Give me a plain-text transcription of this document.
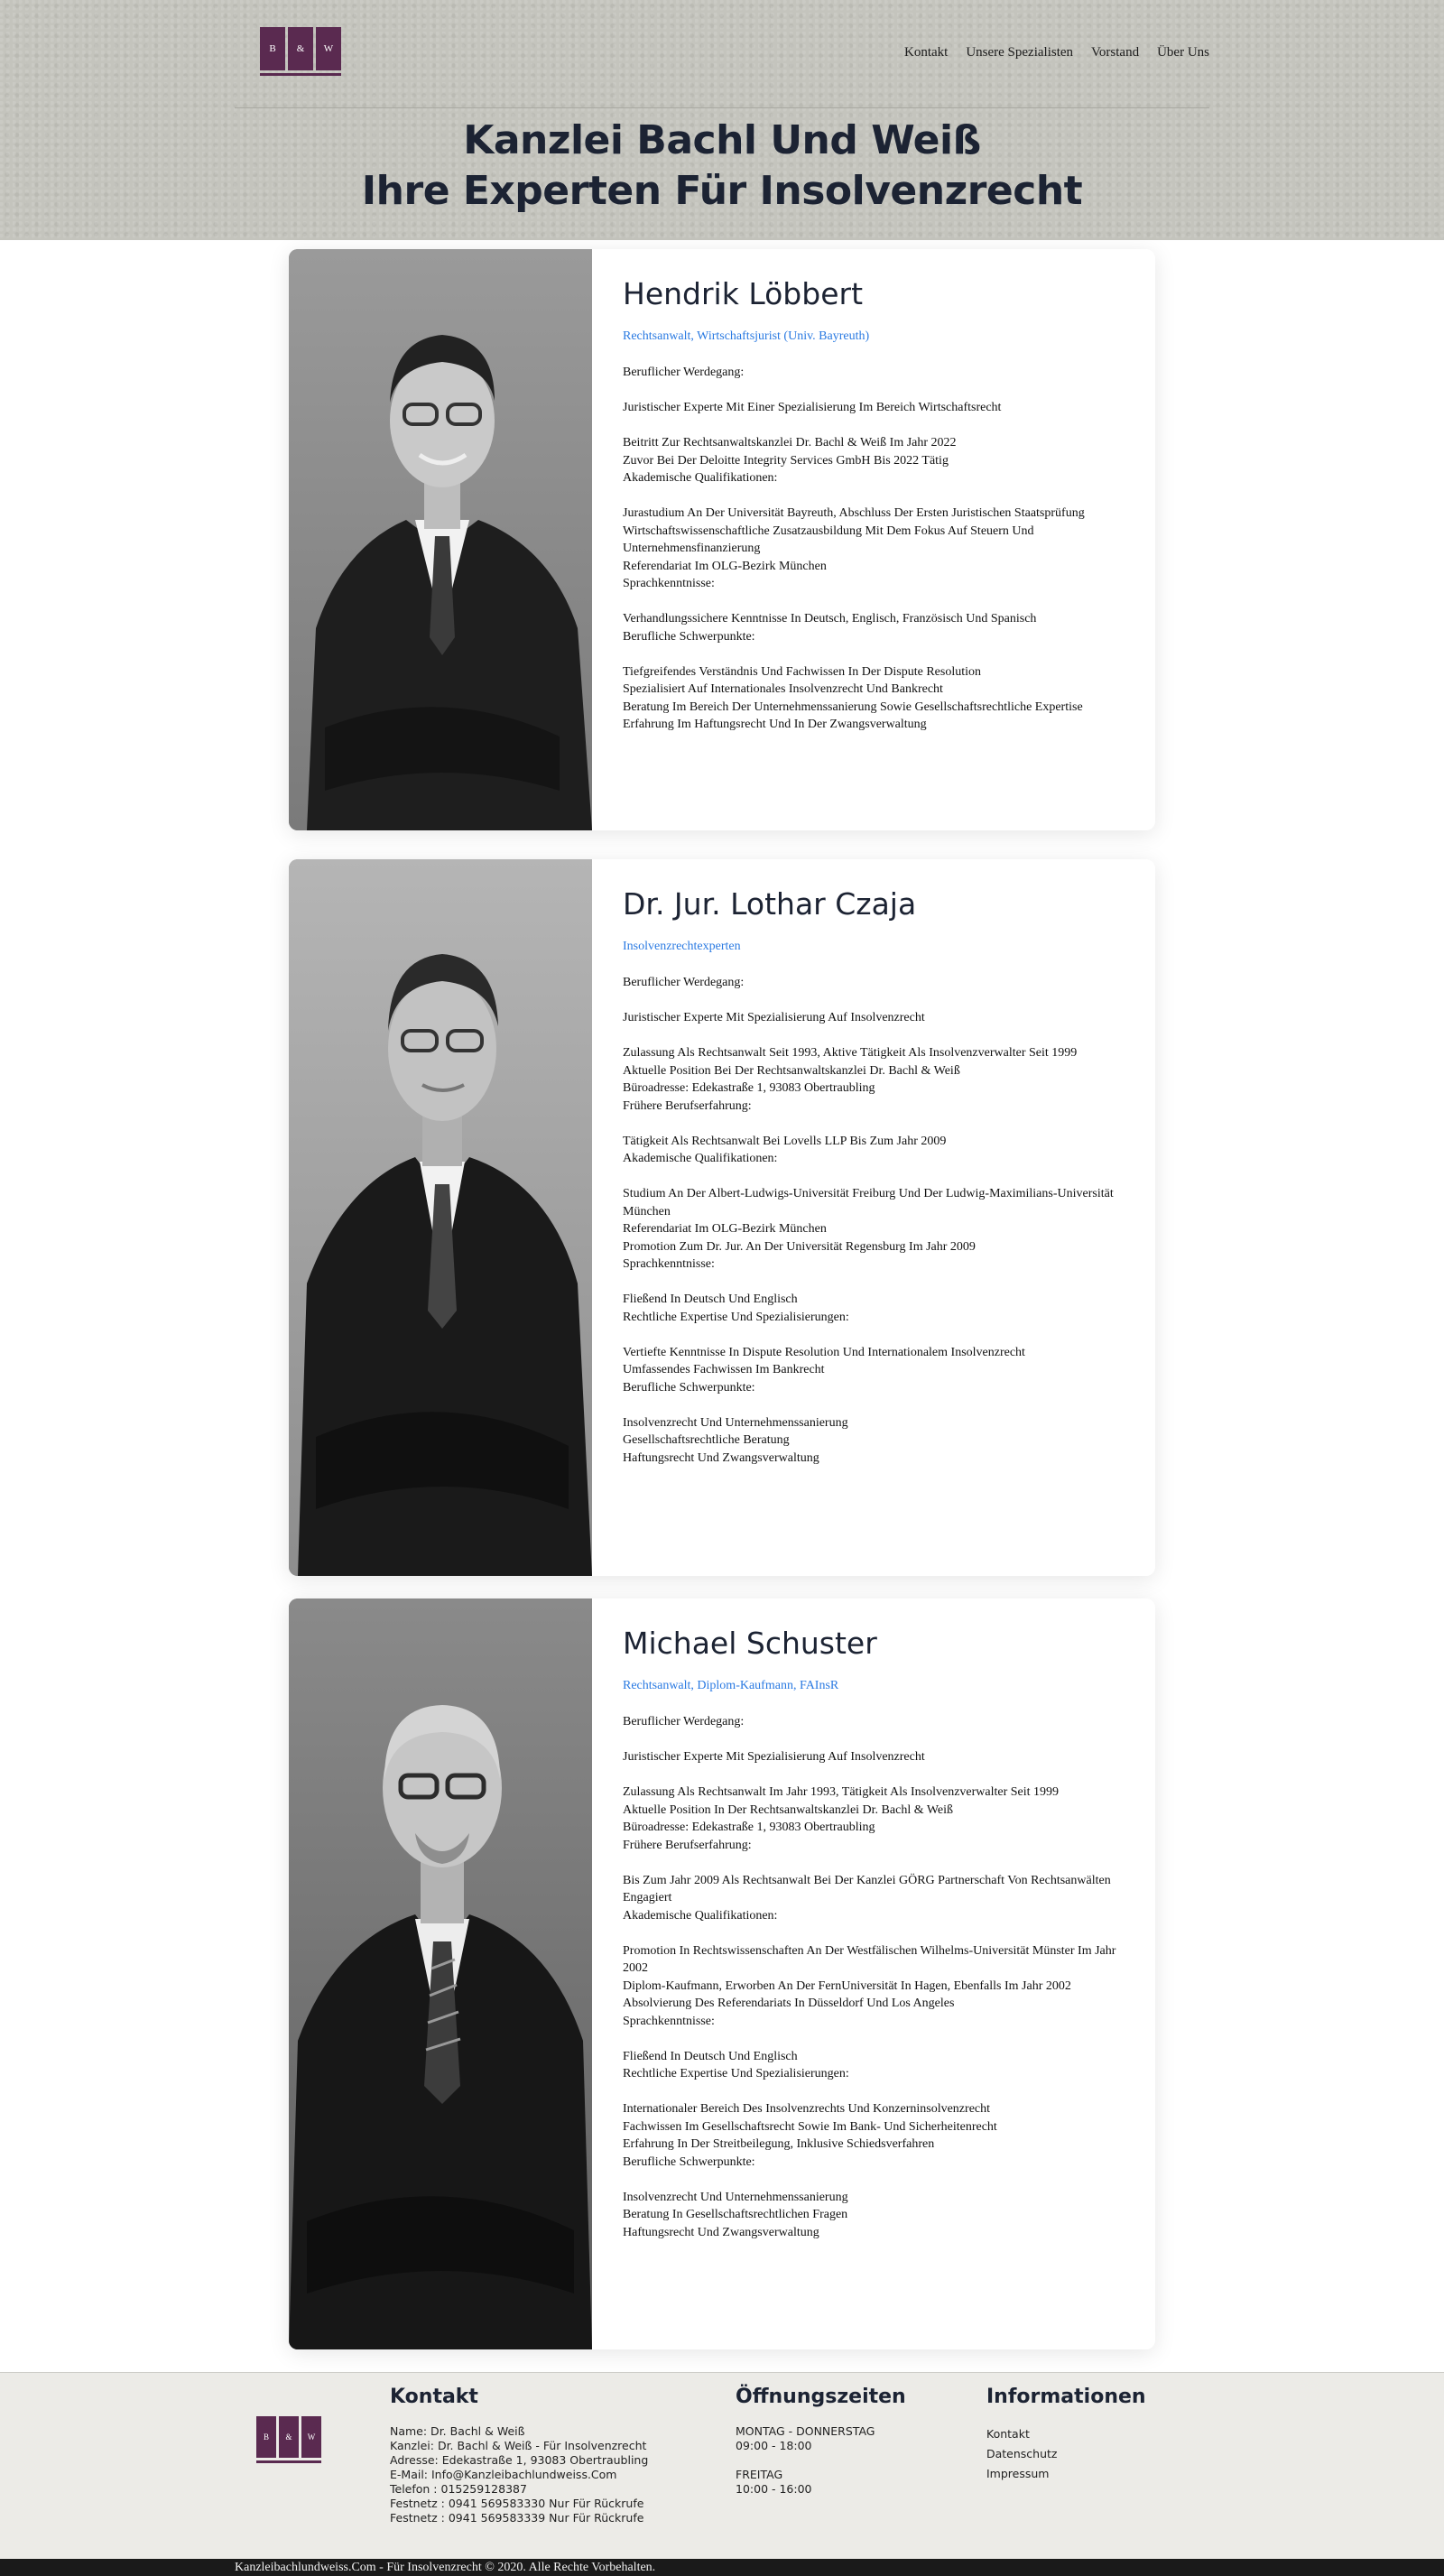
B	&	W	Kontakt Unsere Spezialisten Vorstand Über Uns
Kanzlei Bachl Und Weiß
Ihre Experten Für Insolvenzrecht
Hendrik Löbbert
Rechtsanwalt, Wirtschaftsjurist (Univ. Bayreuth)
Beruflicher Werdegang:
Juristischer Experte Mit Einer Spezialisierung Im Bereich Wirtschaftsrecht
Beitritt Zur Rechtsanwaltskanzlei Dr. Bachl & Weiß Im Jahr 2022
Zuvor Bei Der Deloitte Integrity Services GmbH Bis 2022 Tätig
Akademische Qualifikationen:
Jurastudium An Der Universität Bayreuth, Abschluss Der Ersten Juristischen Staatsprüfung
Wirtschaftswissenschaftliche Zusatzausbildung Mit Dem Fokus Auf Steuern Und Unternehmensfinanzierung
Referendariat Im OLG-Bezirk München
Sprachkenntnisse:
Verhandlungssichere Kenntnisse In Deutsch, Englisch, Französisch Und Spanisch
Berufliche Schwerpunkte:
Tiefgreifendes Verständnis Und Fachwissen In Der Dispute Resolution
Spezialisiert Auf Internationales Insolvenzrecht Und Bankrecht
Beratung Im Bereich Der Unternehmenssanierung Sowie Gesellschaftsrechtliche Expertise
Erfahrung Im Haftungsrecht Und In Der Zwangsverwaltung
Dr. Jur. Lothar Czaja
Insolvenzrechtexperten
Beruflicher Werdegang:
Juristischer Experte Mit Spezialisierung Auf Insolvenzrecht
Zulassung Als Rechtsanwalt Seit 1993, Aktive Tätigkeit Als Insolvenzverwalter Seit 1999
Aktuelle Position Bei Der Rechtsanwaltskanzlei Dr. Bachl & Weiß
Büroadresse: Edekastraße 1, 93083 Obertraubling
Frühere Berufserfahrung:
Tätigkeit Als Rechtsanwalt Bei Lovells LLP Bis Zum Jahr 2009
Akademische Qualifikationen:
Studium An Der Albert-Ludwigs-Universität Freiburg Und Der Ludwig-Maximilians-Universität München
Referendariat Im OLG-Bezirk München
Promotion Zum Dr. Jur. An Der Universität Regensburg Im Jahr 2009
Sprachkenntnisse:
Fließend In Deutsch Und Englisch
Rechtliche Expertise Und Spezialisierungen:
Vertiefte Kenntnisse In Dispute Resolution Und Internationalem Insolvenzrecht
Umfassendes Fachwissen Im Bankrecht
Berufliche Schwerpunkte:
Insolvenzrecht Und Unternehmenssanierung
Gesellschaftsrechtliche Beratung
Haftungsrecht Und Zwangsverwaltung
Michael Schuster
Rechtsanwalt, Diplom-Kaufmann, FAInsR
Beruflicher Werdegang:
Juristischer Experte Mit Spezialisierung Auf Insolvenzrecht
Zulassung Als Rechtsanwalt Im Jahr 1993, Tätigkeit Als Insolvenzverwalter Seit 1999
Aktuelle Position In Der Rechtsanwaltskanzlei Dr. Bachl & Weiß
Büroadresse: Edekastraße 1, 93083 Obertraubling
Frühere Berufserfahrung:
Bis Zum Jahr 2009 Als Rechtsanwalt Bei Der Kanzlei GÖRG Partnerschaft Von Rechtsanwälten Engagiert
Akademische Qualifikationen:
Promotion In Rechtswissenschaften An Der Westfälischen Wilhelms-Universität Münster Im Jahr 2002
Diplom-Kaufmann, Erworben An Der FernUniversität In Hagen, Ebenfalls Im Jahr 2002
Absolvierung Des Referendariats In Düsseldorf Und Los Angeles
Sprachkenntnisse:
Fließend In Deutsch Und Englisch
Rechtliche Expertise Und Spezialisierungen:
Internationaler Bereich Des Insolvenzrechts Und Konzerninsolvenzrecht
Fachwissen Im Gesellschaftsrecht Sowie Im Bank- Und Sicherheitenrecht
Erfahrung In Der Streitbeilegung, Inklusive Schiedsverfahren
Berufliche Schwerpunkte:
Insolvenzrecht Und Unternehmenssanierung
Beratung In Gesellschaftsrechtlichen Fragen
Haftungsrecht Und Zwangsverwaltung
B	&	W
Kontakt
Name: Dr. Bachl & Weiß
Kanzlei: Dr. Bachl & Weiß - Für Insolvenzrecht
Adresse: Edekastraße 1, 93083 Obertraubling
E-Mail: Info@Kanzleibachlundweiss.Com
Telefon : 015259128387
Festnetz : 0941 569583330 Nur Für Rückrufe
Festnetz : 0941 569583339 Nur Für Rückrufe
Öffnungszeiten
MONTAG - DONNERSTAG
09:00 - 18:00
FREITAG
10:00 - 16:00
Informationen
Kontakt
Datenschutz
Impressum
Kanzleibachlundweiss.Com - Für Insolvenzrecht © 2020. Alle Rechte Vorbehalten.
